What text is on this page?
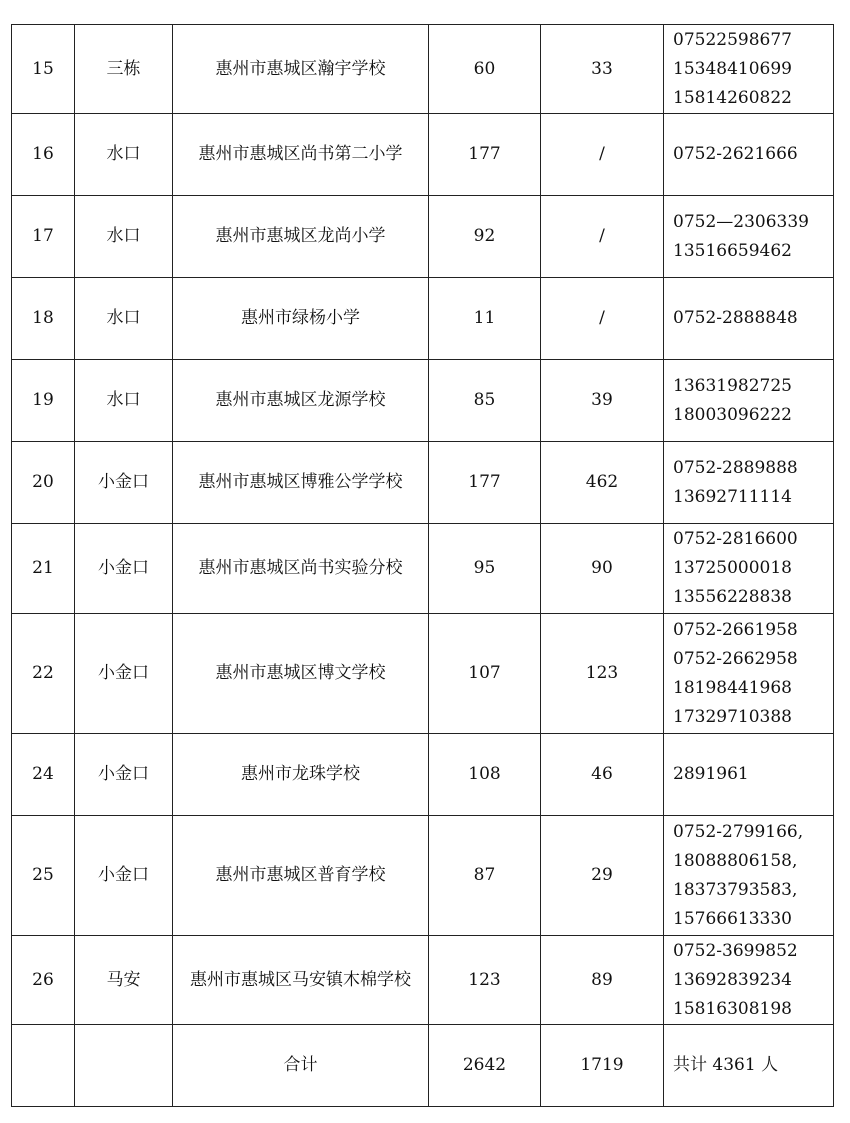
15	三栋	惠州市惠城区瀚宇学校	60	33	07522598677
15348410699
15814260822

16	水口	惠州市惠城区尚书第二小学	177	/	0752-2621666

17	水口	惠州市惠城区龙尚小学	92	/	0752—2306339
13516659462

18	水口	惠州市绿杨小学	11	/	0752-2888848

19	水口	惠州市惠城区龙源学校	85	39	13631982725
18003096222

20	小金口	惠州市惠城区博雅公学学校	177	462	0752-2889888
13692711114

21	小金口	惠州市惠城区尚书实验分校	95	90	0752-2816600
13725000018
13556228838

22	小金口	惠州市惠城区博文学校	107	123	0752-2661958
0752-2662958
18198441968
17329710388

24	小金口	惠州市龙珠学校	108	46	2891961

25	小金口	惠州市惠城区普育学校	87	29	0752-2799166,
18088806158,
18373793583,
15766613330

26	马安	惠州市惠城区马安镇木棉学校	123	89	0752-3699852
13692839234
15816308198

		合计	2642	1719	共计 4361 人
